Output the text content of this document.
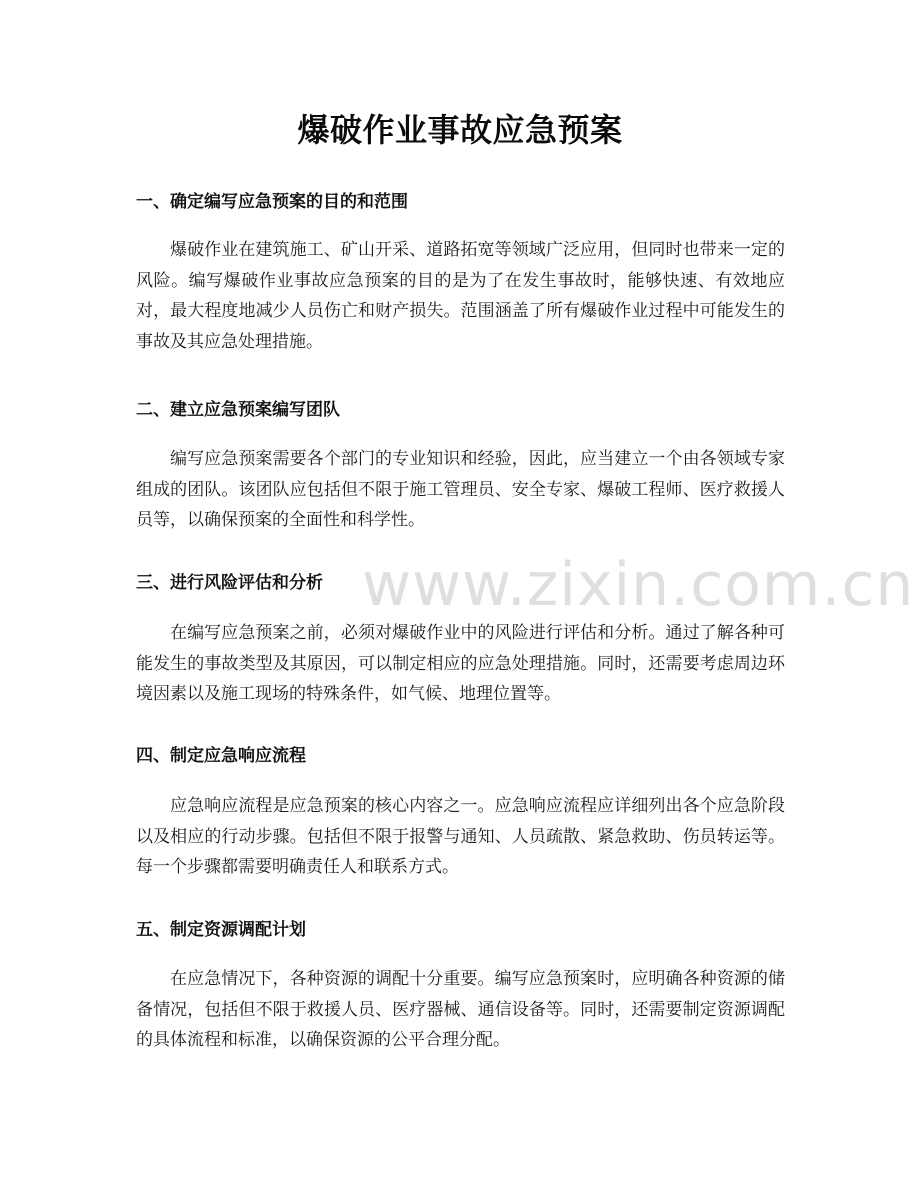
爆破作业事故应急预案
一、确定编写应急预案的目的和范围
爆破作业在建筑施工、矿山开采、道路拓宽等领域广泛应用，但同时也带来一定的风险。编写爆破作业事故应急预案的目的是为了在发生事故时，能够快速、有效地应对，最大程度地减少人员伤亡和财产损失。范围涵盖了所有爆破作业过程中可能发生的事故及其应急处理措施。
二、建立应急预案编写团队
编写应急预案需要各个部门的专业知识和经验，因此，应当建立一个由各领域专家组成的团队。该团队应包括但不限于施工管理员、安全专家、爆破工程师、医疗救援人员等，以确保预案的全面性和科学性。
三、进行风险评估和分析
在编写应急预案之前，必须对爆破作业中的风险进行评估和分析。通过了解各种可能发生的事故类型及其原因，可以制定相应的应急处理措施。同时，还需要考虑周边环境因素以及施工现场的特殊条件，如气候、地理位置等。
四、制定应急响应流程
应急响应流程是应急预案的核心内容之一。应急响应流程应详细列出各个应急阶段以及相应的行动步骤。包括但不限于报警与通知、人员疏散、紧急救助、伤员转运等。每一个步骤都需要明确责任人和联系方式。
五、制定资源调配计划
在应急情况下，各种资源的调配十分重要。编写应急预案时，应明确各种资源的储备情况，包括但不限于救援人员、医疗器械、通信设备等。同时，还需要制定资源调配的具体流程和标准，以确保资源的公平合理分配。
www.zixin.com.cn
